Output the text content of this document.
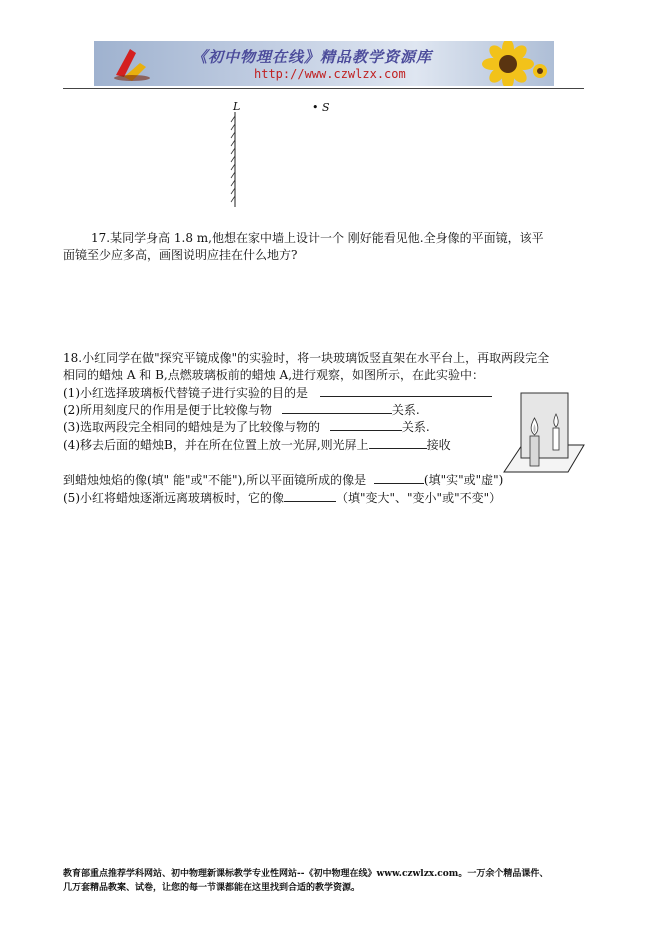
《初中物理在线》精品教学资源库
http://www.czwlzx.com
L	• S
17.某同学身高 1.8 m,他想在家中墙上设计一个 刚好能看见他.全身像的平面镜，该平
面镜至少应多高，画图说明应挂在什么地方?
18.小红同学在做"探究平镜成像"的实验时，将一块玻璃饭竖直架在水平台上，再取两段完全
相同的蜡烛 A 和 B,点燃玻璃板前的蜡烛 A,进行观察，如图所示，在此实验中：
(1)小红选择玻璃板代替镜子进行实验的目的是
(2)所用刻度尺的作用是便于比较像与物	关系.
(3)选取两段完全相同的蜡烛是为了比较像与物的	关系.
(4)移去后面的蜡烛B，并在所在位置上放一光屏,则光屏上	接收
到蜡烛烛焰的像(填" 能"或"不能"),所以平面镜所成的像是	(填"实"或"虚")
(5)小红将蜡烛逐渐远离玻璃板时，它的像	（填"变大"、"变小"或"不变"）
教育部重点推荐学科网站、初中物理新课标教学专业性网站--《初中物理在线》www.czwlzx.com。一万余个精品课件、
几万套精品教案、试卷，让您的每一节课都能在这里找到合适的教学资源。
